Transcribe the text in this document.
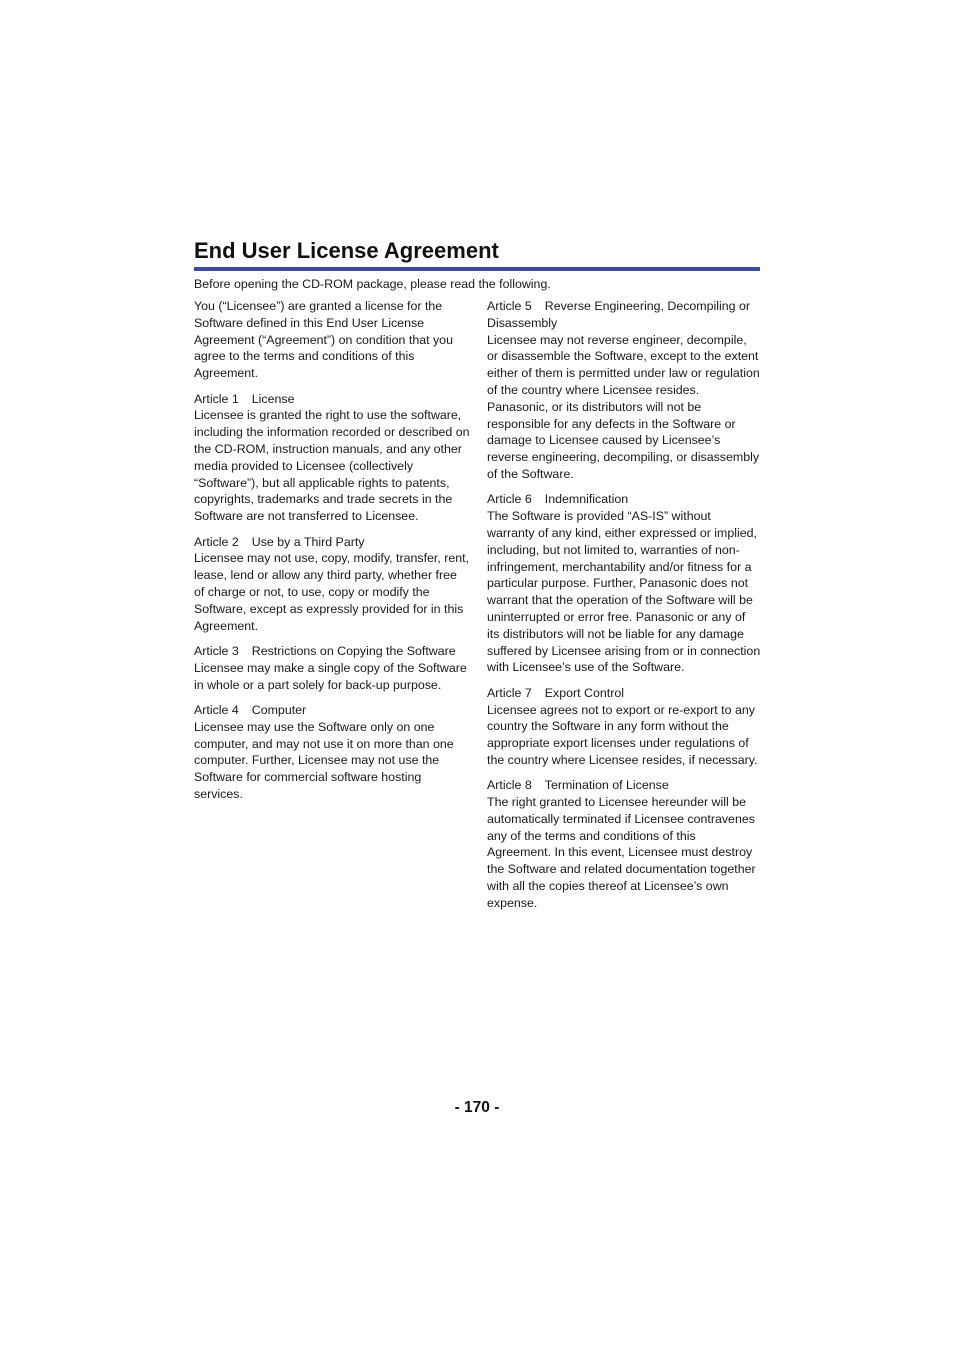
End User License Agreement

Before opening the CD-ROM package, please read the following.

You (“Licensee”) are granted a license for the Software defined in this End User License Agreement (“Agreement”) on condition that you agree to the terms and conditions of this Agreement.

Article 1 License

Licensee is granted the right to use the software, including the information recorded or described on the CD-ROM, instruction manuals, and any other media provided to Licensee (collectively “Software”), but all applicable rights to patents, copyrights, trademarks and trade secrets in the Software are not transferred to Licensee.

Article 2 Use by a Third Party

Licensee may not use, copy, modify, transfer, rent, lease, lend or allow any third party, whether free of charge or not, to use, copy or modify the Software, except as expressly provided for in this Agreement.

Article 3 Restrictions on Copying the Software

Licensee may make a single copy of the Software in whole or a part solely for back-up purpose.

Article 4 Computer

Licensee may use the Software only on one computer, and may not use it on more than one computer. Further, Licensee may not use the Software for commercial software hosting services.

Article 5 Reverse Engineering, Decompiling or Disassembly

Licensee may not reverse engineer, decompile, or disassemble the Software, except to the extent either of them is permitted under law or regulation of the country where Licensee resides. Panasonic, or its distributors will not be responsible for any defects in the Software or damage to Licensee caused by Licensee’s reverse engineering, decompiling, or disassembly of the Software.

Article 6 Indemnification

The Software is provided “AS-IS” without warranty of any kind, either expressed or implied, including, but not limited to, warranties of non-infringement, merchantability and/or fitness for a particular purpose. Further, Panasonic does not warrant that the operation of the Software will be uninterrupted or error free. Panasonic or any of its distributors will not be liable for any damage suffered by Licensee arising from or in connection with Licensee’s use of the Software.

Article 7 Export Control

Licensee agrees not to export or re-export to any country the Software in any form without the appropriate export licenses under regulations of the country where Licensee resides, if necessary.

Article 8 Termination of License

The right granted to Licensee hereunder will be automatically terminated if Licensee contravenes any of the terms and conditions of this Agreement. In this event, Licensee must destroy the Software and related documentation together with all the copies thereof at Licensee’s own expense.

- 170 -
